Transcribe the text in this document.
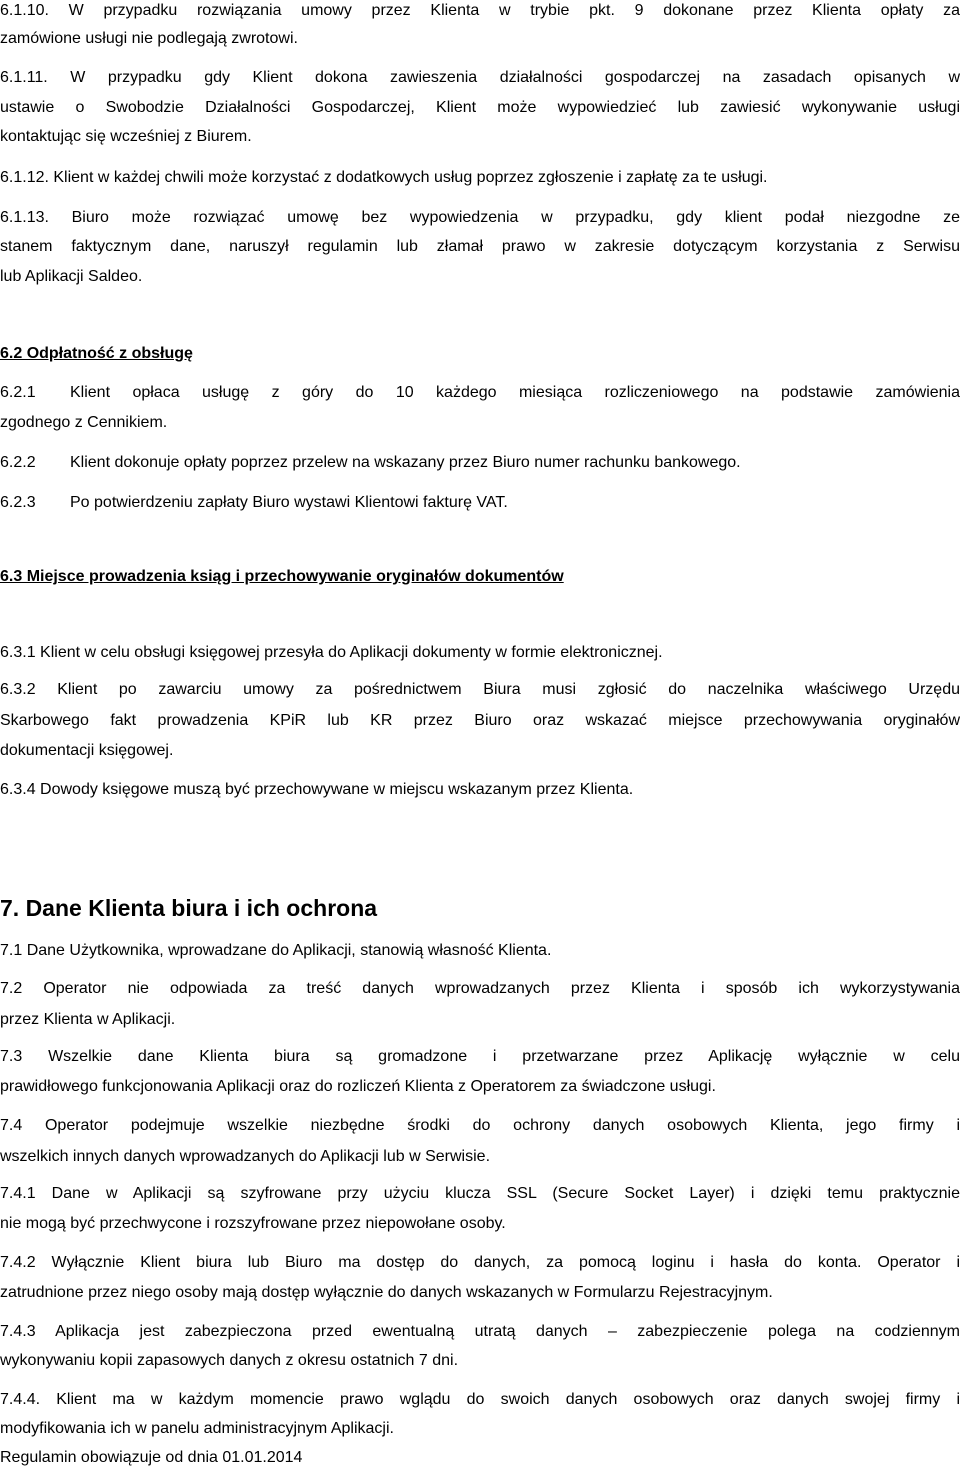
6.1.10. W przypadku rozwiązania umowy przez Klienta w trybie pkt. 9 dokonane przez Klienta opłaty za

zamówione usługi nie podlegają zwrotowi.

6.1.11. W przypadku gdy Klient dokona zawieszenia działalności gospodarczej na zasadach opisanych w

ustawie o Swobodzie Działalności Gospodarczej, Klient może wypowiedzieć lub zawiesić wykonywanie usługi

kontaktując się wcześniej z Biurem.

6.1.12. Klient w każdej chwili może korzystać z dodatkowych usług poprzez zgłoszenie i zapłatę za te usługi.

6.1.13. Biuro może rozwiązać umowę bez wypowiedzenia w przypadku, gdy klient podał niezgodne ze

stanem faktycznym dane, naruszył regulamin lub złamał prawo w zakresie dotyczącym korzystania z Serwisu

lub Aplikacji Saldeo.

6.2 Odpłatność z obsługę

6.2.1	Klient opłaca usługę z góry do 10 każdego miesiąca rozliczeniowego na podstawie zamówienia

zgodnego z Cennikiem.

6.2.2 Klient dokonuje opłaty poprzez przelew na wskazany przez Biuro numer rachunku bankowego.

6.2.3 Po potwierdzeniu zapłaty Biuro wystawi Klientowi fakturę VAT.

6.3 Miejsce prowadzenia ksiąg i przechowywanie oryginałów dokumentów

6.3.1 Klient w celu obsługi księgowej przesyła do Aplikacji dokumenty w formie elektronicznej.

6.3.2 Klient po zawarciu umowy za pośrednictwem Biura musi zgłosić do naczelnika właściwego Urzędu

Skarbowego fakt prowadzenia KPiR lub KR przez Biuro oraz wskazać miejsce przechowywania oryginałów

dokumentacji księgowej.

6.3.4 Dowody księgowe muszą być przechowywane w miejscu wskazanym przez Klienta.

7. Dane Klienta biura i ich ochrona

7.1 Dane Użytkownika, wprowadzane do Aplikacji, stanowią własność Klienta.

7.2 Operator nie odpowiada za treść danych wprowadzanych przez Klienta i sposób ich wykorzystywania

przez Klienta w Aplikacji.

7.3 Wszelkie dane Klienta biura są gromadzone i przetwarzane przez Aplikację wyłącznie w celu

prawidłowego funkcjonowania Aplikacji oraz do rozliczeń Klienta z Operatorem za świadczone usługi.

7.4 Operator podejmuje wszelkie niezbędne środki do ochrony danych osobowych Klienta, jego firmy i

wszelkich innych danych wprowadzanych do Aplikacji lub w Serwisie.

7.4.1 Dane w Aplikacji są szyfrowane przy użyciu klucza SSL (Secure Socket Layer) i dzięki temu praktycznie

nie mogą być przechwycone i rozszyfrowane przez niepowołane osoby.

7.4.2 Wyłącznie Klient biura lub Biuro ma dostęp do danych, za pomocą loginu i hasła do konta. Operator i

zatrudnione przez niego osoby mają dostęp wyłącznie do danych wskazanych w Formularzu Rejestracyjnym.

7.4.3 Aplikacja jest zabezpieczona przed ewentualną utratą danych – zabezpieczenie polega na codziennym

wykonywaniu kopii zapasowych danych z okresu ostatnich 7 dni.

7.4.4. Klient ma w każdym momencie prawo wglądu do swoich danych osobowych oraz danych swojej firmy i

modyfikowania ich w panelu administracyjnym Aplikacji.

Regulamin obowiązuje od dnia 01.01.2014
